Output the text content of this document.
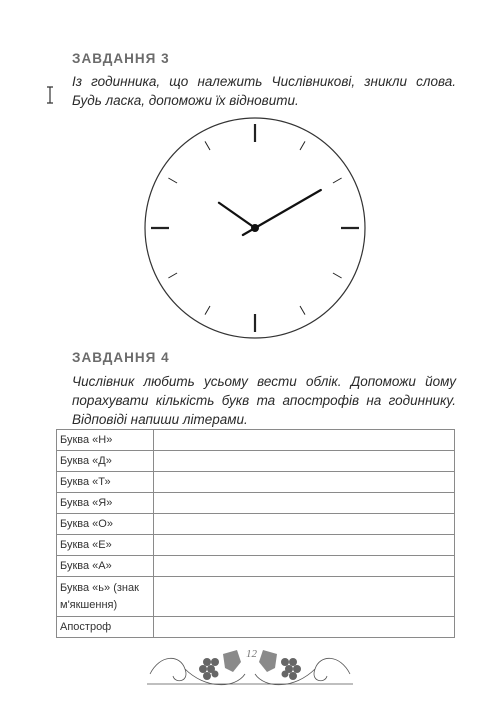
ЗАВДАННЯ 3
Із годинника, що належить Числівникові, зникли слова. Будь ласка, допоможи їх відновити.
ЗАВДАННЯ 4
Числівник любить усьому вести облік. Допоможи йому порахувати кількість букв та апострофів на годиннику. Відповіді напиши літерами.
Буква «Н»	
Буква «Д»	
Буква «Т»	
Буква «Я»	
Буква «О»	
Буква «Е»	
Буква «А»	
Буква «ь» (знак м'якшення)	
Апостроф	
12
